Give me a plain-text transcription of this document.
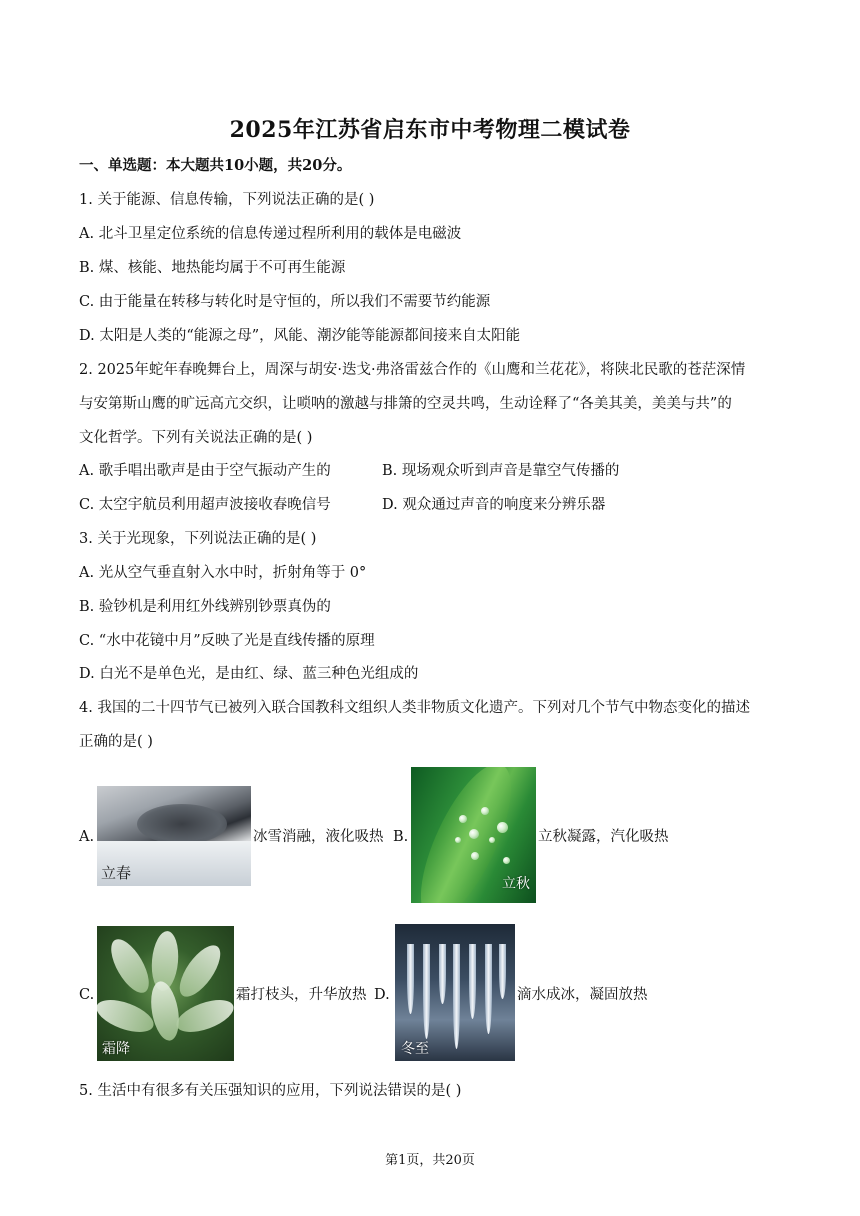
2025年江苏省启东市中考物理二模试卷
一、单选题：本大题共10小题，共20分。
1. 关于能源、信息传输，下列说法正确的是( )
A. 北斗卫星定位系统的信息传递过程所利用的载体是电磁波
B. 煤、核能、地热能均属于不可再生能源
C. 由于能量在转移与转化时是守恒的，所以我们不需要节约能源
D. 太阳是人类的“能源之母”，风能、潮汐能等能源都间接来自太阳能
2. 2025年蛇年春晚舞台上，周深与胡安·迭戈·弗洛雷兹合作的《山鹰和兰花花》，将陕北民歌的苍茫深情
与安第斯山鹰的旷远高亢交织，让唢呐的激越与排箫的空灵共鸣，生动诠释了“各美其美，美美与共”的
文化哲学。下列有关说法正确的是( )
A. 歌手唱出歌声是由于空气振动产生的	B. 现场观众听到声音是靠空气传播的
C. 太空宇航员利用超声波接收春晚信号	D. 观众通过声音的响度来分辨乐器
3. 关于光现象，下列说法正确的是( )
A. 光从空气垂直射入水中时，折射角等于 0°
B. 验钞机是利用红外线辨别钞票真伪的
C. “水中花镜中月”反映了光是直线传播的原理
D. 白光不是单色光，是由红、绿、蓝三种色光组成的
4. 我国的二十四节气已被列入联合国教科文组织人类非物质文化遗产。下列对几个节气中物态变化的描述
正确的是( )
A.
立春
冰雪消融，液化吸热 B.
立秋
立秋凝露，汽化吸热
C.
霜降
霜打枝头，升华放热 D.
冬至
滴水成冰，凝固放热
5. 生活中有很多有关压强知识的应用，下列说法错误的是( )
第1页，共20页
